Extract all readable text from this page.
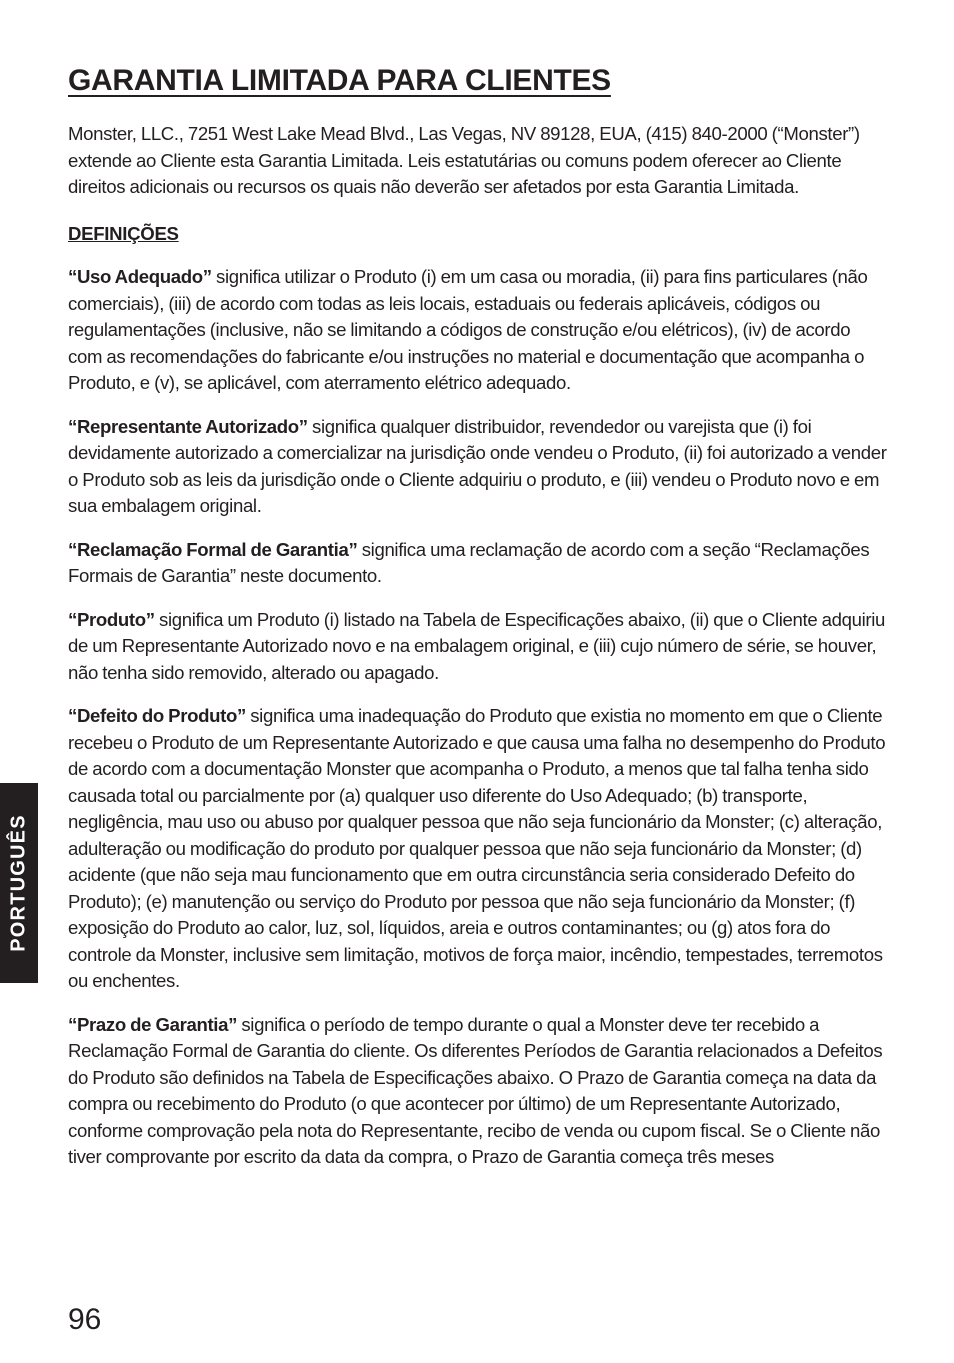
GARANTIA LIMITADA PARA CLIENTES

Monster, LLC., 7251 West Lake Mead Blvd., Las Vegas, NV 89128, EUA, (415) 840-2000 (“Monster”) extende ao Cliente esta Garantia Limitada. Leis estatutárias ou comuns podem oferecer ao Cliente direitos adicionais ou recursos os quais não deverão ser afetados por esta Garantia Limitada.

DEFINIÇÕES

“Uso Adequado” significa utilizar o Produto (i) em um casa ou moradia, (ii) para fins particulares (não comerciais), (iii) de acordo com todas as leis locais, estaduais ou federais aplicáveis, códigos ou regulamentações (inclusive, não se limitando a códigos de construção e/ou elétricos), (iv) de acordo com as recomendações do fabricante e/ou instruções no material e documentação que acompanha o Produto, e (v), se aplicável, com aterramento elétrico adequado.

“Representante Autorizado” significa qualquer distribuidor, revendedor ou varejista que (i) foi devidamente autorizado a comercializar na jurisdição onde vendeu o Produto, (ii) foi autorizado a vender o Produto sob as leis da jurisdição onde o Cliente adquiriu o produto, e (iii) vendeu o Produto novo e em sua embalagem original.

“Reclamação Formal de Garantia” significa uma reclamação de acordo com a seção “Reclamações Formais de Garantia” neste documento.

“Produto” significa um Produto (i) listado na Tabela de Especificações abaixo, (ii) que o Cliente adquiriu de um Representante Autorizado novo e na embalagem original, e (iii) cujo número de série, se houver, não tenha sido removido, alterado ou apagado.

“Defeito do Produto” significa uma inadequação do Produto que existia no momento em que o Cliente recebeu o Produto de um Representante Autorizado e que causa uma falha no desempenho do Produto de acordo com a documentação Monster que acompanha o Produto, a menos que tal falha tenha sido causada total ou parcialmente por (a) qualquer uso diferente do Uso Adequado; (b) transporte, negligência, mau uso ou abuso por qualquer pessoa que não seja funcionário da Monster; (c) alteração, adulteração ou modificação do produto por qualquer pessoa que não seja funcionário da Monster; (d) acidente (que não seja mau funcionamento que em outra circunstância seria considerado Defeito do Produto); (e) manutenção ou serviço do Produto por pessoa que não seja funcionário da Monster; (f) exposição do Produto ao calor, luz, sol, líquidos, areia e outros contaminantes; ou (g) atos fora do controle da Monster, inclusive sem limitação, motivos de força maior, incêndio, tempestades, terremotos ou enchentes.

“Prazo de Garantia” significa o período de tempo durante o qual a Monster deve ter recebido a Reclamação Formal de Garantia do cliente. Os diferentes Períodos de Garantia relacionados a Defeitos do Produto são definidos na Tabela de Especificações abaixo. O Prazo de Garantia começa na data da compra ou recebimento do Produto (o que acontecer por último) de um Representante Autorizado, conforme comprovação pela nota do Representante, recibo de venda ou cupom fiscal. Se o Cliente não tiver comprovante por escrito da data da compra, o Prazo de Garantia começa três meses

PORTUGUÊS
96
